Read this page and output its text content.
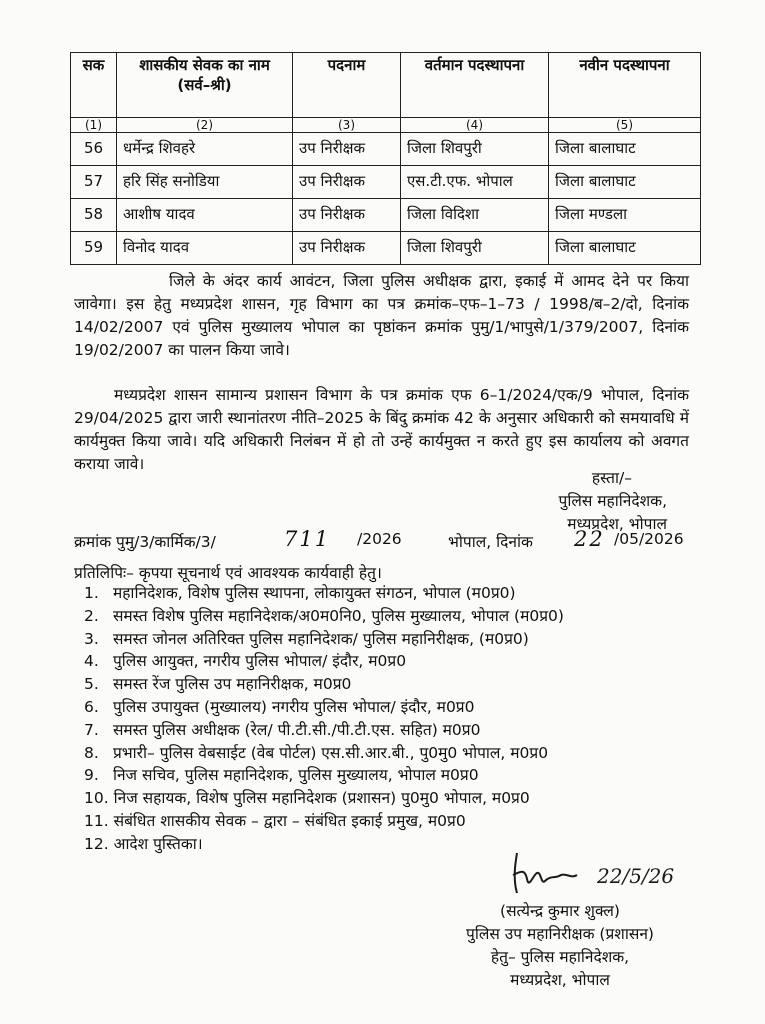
सक	शासकीय सेवक का नाम (सर्व–श्री)	पदनाम	वर्तमान पदस्थापना	नवीन पदस्थापना
(1)	(2)	(3)	(4)	(5)
56	धर्मेन्द्र शिवहरे	उप निरीक्षक	जिला शिवपुरी	जिला बालाघाट
57	हरि सिंह सनोडिया	उप निरीक्षक	एस.टी.एफ. भोपाल	जिला बालाघाट
58	आशीष यादव	उप निरीक्षक	जिला विदिशा	जिला मण्डला
59	विनोद यादव	उप निरीक्षक	जिला शिवपुरी	जिला बालाघाट
जिले के अंदर कार्य आवंटन, जिला पुलिस अधीक्षक द्वारा, इकाई में आमद देने पर किया जावेगा। इस हेतु मध्यप्रदेश शासन, गृह विभाग का पत्र क्रमांक–एफ–1–73 / 1998/ब–2/दो, दिनांक 14/02/2007 एवं पुलिस मुख्यालय भोपाल का पृष्ठांकन क्रमांक पुमु/1/भापुसे/1/379/2007, दिनांक 19/02/2007 का पालन किया जावे।
मध्यप्रदेश शासन सामान्य प्रशासन विभाग के पत्र क्रमांक एफ 6–1/2024/एक/9 भोपाल, दिनांक 29/04/2025 द्वारा जारी स्थानांतरण नीति–2025 के बिंदु क्रमांक 42 के अनुसार अधिकारी को समयावधि में कार्यमुक्त किया जावे। यदि अधिकारी निलंबन में हो तो उन्हें कार्यमुक्त न करते हुए इस कार्यालय को अवगत कराया जावे।
हस्ता/–
पुलिस महानिदेशक,
मध्यप्रदेश, भोपाल
क्रमांक पुमु/3/कार्मिक/3/	711 /2026	भोपाल, दिनांक 22 /05/2026
प्रतिलिपिः– कृपया सूचनार्थ एवं आवश्यक कार्यवाही हेतु।
1. महानिदेशक, विशेष पुलिस स्थापना, लोकायुक्त संगठन, भोपाल (म0प्र0)
2. समस्त विशेष पुलिस महानिदेशक/अ0म0नि0, पुलिस मुख्यालय, भोपाल (म0प्र0)
3. समस्त जोनल अतिरिक्त पुलिस महानिदेशक/ पुलिस महानिरीक्षक, (म0प्र0)
4. पुलिस आयुक्त, नगरीय पुलिस भोपाल/ इंदौर, म0प्र0
5. समस्त रेंज पुलिस उप महानिरीक्षक, म0प्र0
6. पुलिस उपायुक्त (मुख्यालय) नगरीय पुलिस भोपाल/ इंदौर, म0प्र0
7. समस्त पुलिस अधीक्षक (रेल/ पी.टी.सी./पी.टी.एस. सहित) म0प्र0
8. प्रभारी– पुलिस वेबसाईट (वेब पोर्टल) एस.सी.आर.बी., पु0मु0 भोपाल, म0प्र0
9. निज सचिव, पुलिस महानिदेशक, पुलिस मुख्यालय, भोपाल म0प्र0
10. निज सहायक, विशेष पुलिस महानिदेशक (प्रशासन) पु0मु0 भोपाल, म0प्र0
11. संबंधित शासकीय सेवक – द्वारा – संबंधित इकाई प्रमुख, म0प्र0
12. आदेश पुस्तिका।
22/5/26
(सत्येन्द्र कुमार शुक्ल)
पुलिस उप महानिरीक्षक (प्रशासन)
हेतु– पुलिस महानिदेशक,
मध्यप्रदेश, भोपाल
